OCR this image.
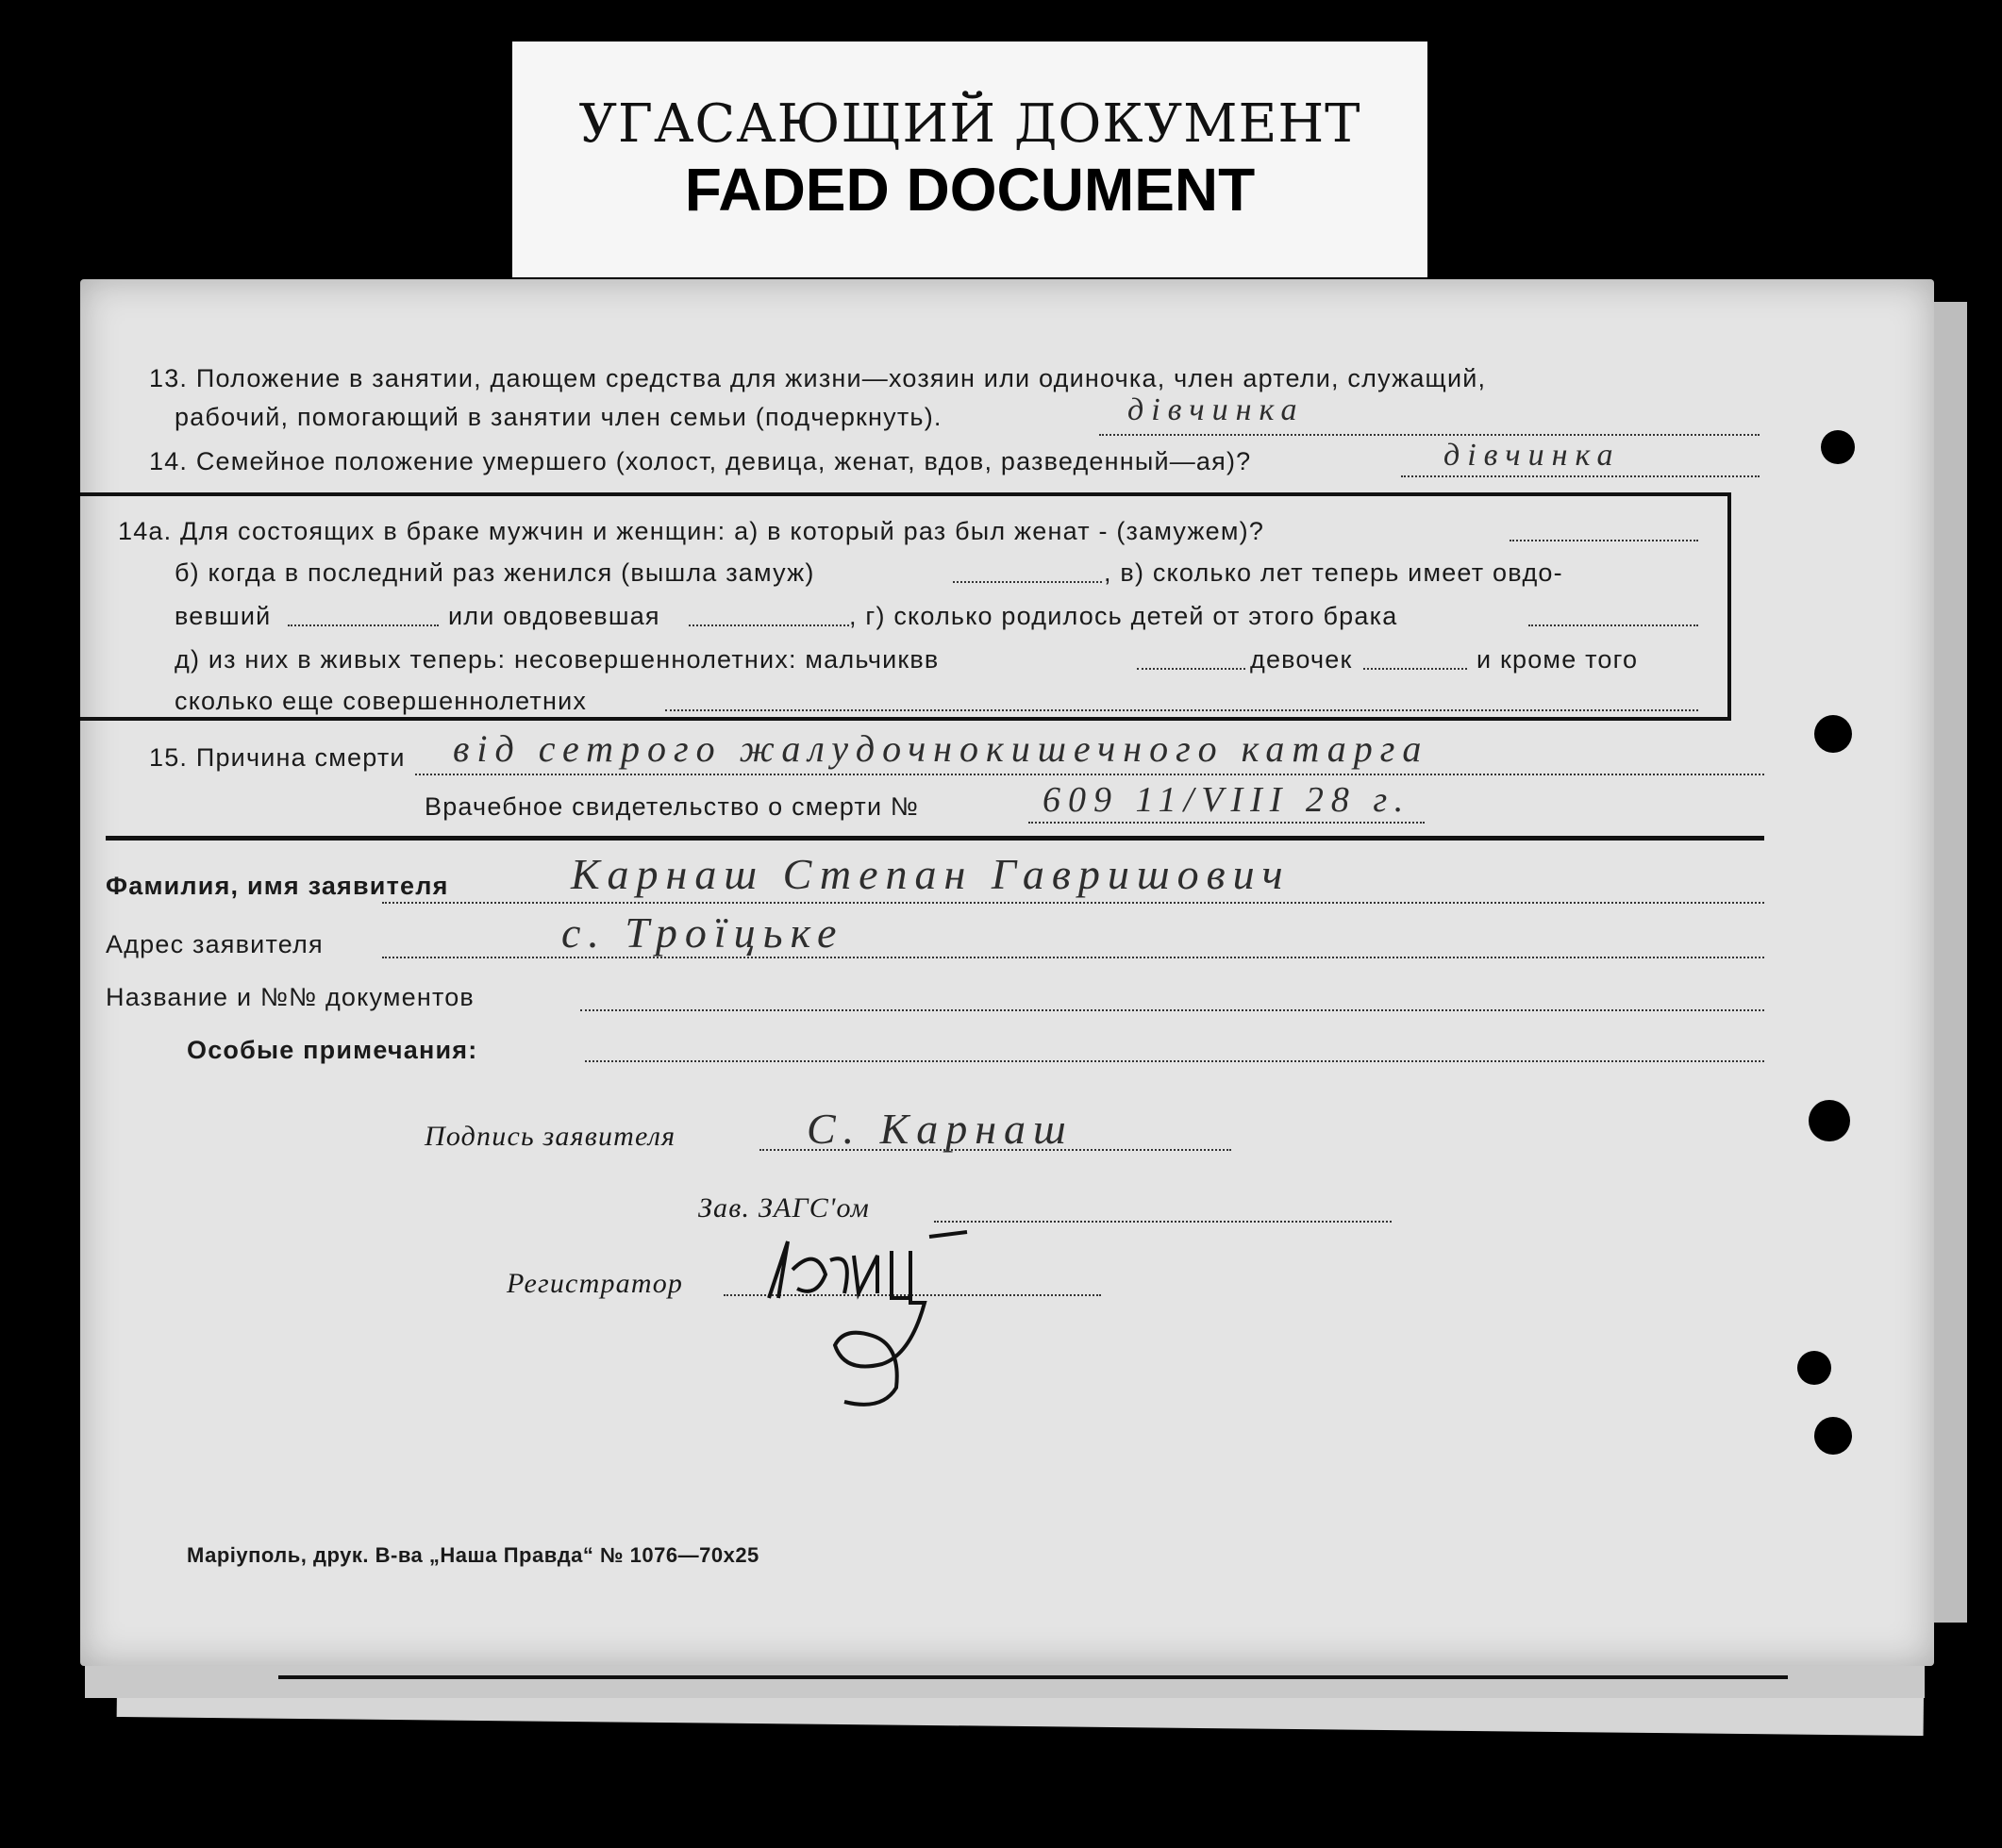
УГАСАЮЩИЙ ДОКУМЕНТ
FADED DOCUMENT
13. Положение в занятии, дающем средства для жизни—хозяин или одиночка, член артели, служащий,
рабочий, помогающий в занятии член семьи (подчеркнуть).	дівчинка
14. Семейное положение умершего (холост, девица, женат, вдов, разведенный—ая)?	дівчинка
14а. Для состоящих в браке мужчин и женщин: а) в который раз был женат - (замужем)?
б) когда в последний раз женился (вышла замуж)	, в) сколько лет теперь имеет овдо-
вевший	или овдовевшая	, г) сколько родилось детей от этого брака
д) из них в живых теперь: несовершеннолетних: мальчиквв	девочек	и кроме того
сколько еще совершеннолетних
15. Причина смерти від сетрого жалудочнокишечного катарга
Врачебное свидетельство о смерти №	609 11/VIII 28 г.
Фамилия, имя заявителя	Карнаш Степан Гавришович
Адрес заявителя	с. Троїцьке
Название и №№ документов
Особые примечания:
Подпись заявителя	С. Карнаш
Зав. ЗАГС'ом
Регистратор
Маріуполь, друк. В-ва „Наша Правда“ № 1076—70х25
